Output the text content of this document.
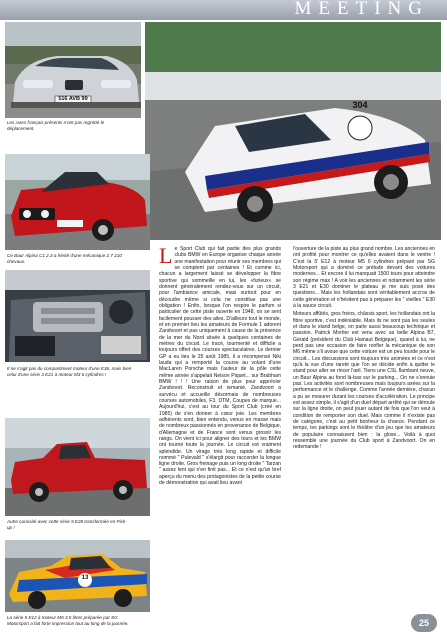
MEETING
516 AVB 99
Les rares français présents n'ont pas regretté le déplacement.
304
Ce Baur Alpina C1 2.3 a hérité d'une mécanique 2.7 210 chevaux.
Il ne s'agit pas du compartiment moteur d'une E36, mais bien celui d'une série 3 E21 à moteur M3 6 cylindres !
Autre curiosité avec cette série 5 E28 transformée en Pick-up !
13
La série 5 E12 à moteur M5 3.5 litres préparée par SG Motorsport a fait forte impression tout au long de la journée.
L e Sport Club qui fait partie des plus grands clubs BMW en Europe organise chaque année une manifestation pour réunir ses membres qui se comptent par centaines ! Et comme ici, chacun a largement laissé se développer la fibre sportive qui sommeille en lui, les «furieux» se donnent généralement rendez-vous sur un circuit, pour l'ambiance amicale, mais surtout pour en découdre même si cela ne constitue pas une obligation ! Enfin, lorsque l'on respire le parfum si particulier de cette piste ouverte en 1948, on se sent facilement pousser des ailes. D'ailleurs tout le monde, et en premier lieu les amateurs de Formule 1 adorent Zandvoort et pas uniquement à cause de la présence de la mer du Nord située à quelques centaines de mètres du circuit. Le tracé, tourmenté et difficile a toujours offert des courses spectaculaires. Le dernier GP a eu lieu le 25 août 1985, il a récompensé Niki lauda qui a remporté la course au volant d'une MacLaren Porsche mais l'auteur de la pôle cette même année s'appelait Nelson Piquet... sur Brabham BMW ! ! ! Une raison de plus pour apprécier Zandvoort. Reconstruit et remanié, Zandvoort a survécu et accueille désormais de nombreuses courses automobiles, F3, DTM, Coupes de marque... Aujourd'hui, c'est au tour du Sport Club (créé en 1985) de s'en donner à cœur joie. Les membres adhérents sont, bien entendu, venus en masse mais de nombreux passionnés en provenance de Belgique, d'Allemagne et de France sont venus grossir les rangs. On vient ici pour aligner des tours et les BMW ont tourné toute la journée. Le circuit est vraiment splendide. Un virage très long rapide et difficile nommé " Pulevald " s'élargit pour raccorder la longue ligne droite. Gros freinage puis un long droite " Tarzan " assez lent qui n'en finit pas... Et ce n'est qu'un bref aperçu du menu des protagonistes de la petite course de démonstration qui avait lieu avant

l'ouverture de la piste au plus grand nombre. Les anciennes en ont profité pour montrer ce qu'elles avaient dans le ventre ! C'est la 5' E12 à moteur M5 6 cylindres préparé par SG Motorsport qui a dominé ce prélude devant des voitures modernes... Et encore il lui manquait 1500 tours pour atteindre son régime max ! A voir les anciennes et notamment les série 3 E21 et E30 dominer le plateau je me suis posé des questions... Mais les hollandais sont véritablement accros de cette génération et n'hésitent pas à préparer les " vieilles " E30 à la sauce circuit.

Moteurs affûtés, gros freins, châssis sport, les hollandais ont la fibre sportive, c'est indéniable. Mais ils ne sont pas les seules et dans le stand belge, on parle aussi beaucoup technique et passion. Patrick Mortier est venu avec sa belle Alpina B7, Gérald (président du Club Hainaut Belgique), quand à lui, ne perd pas une occasion de faire ronfler la mécanique de son M6 même s'il avoue que cette voiture est un peu lourde pour le circuit... Les discussions sont toujours très animées et ce n'est qu'à la vue d'une rareté que l'on se décide enfin à quitter le stand pour aller se rincer l'œil. Tiens une CSL flambant neuve, un Baur Alpina au fond là-bas sur le parking... On ne s'ennuie pas. Les activités sont nombreuses mais toujours axées sur la performance et le challenge. Comme l'année dernière, chacun a pu se mesurer durant les courses d'accélération. Le principe est assez simple, il s'agit d'un duel départ arrêté qui se déroule sur la ligne droite, on peut jouer autant de fois que l'on veut à condition de remporter son duel. Mais comme il n'existe pas de catégorie, c'est au petit bonheur la chance. Pendant ce temps, les parkings sont le théâtre d'un jeu que les amateurs de populaire connaissent bien : la glose... Voilà à quoi ressemble une journée du Club sport à Zandvoort. On en redemande !

25
